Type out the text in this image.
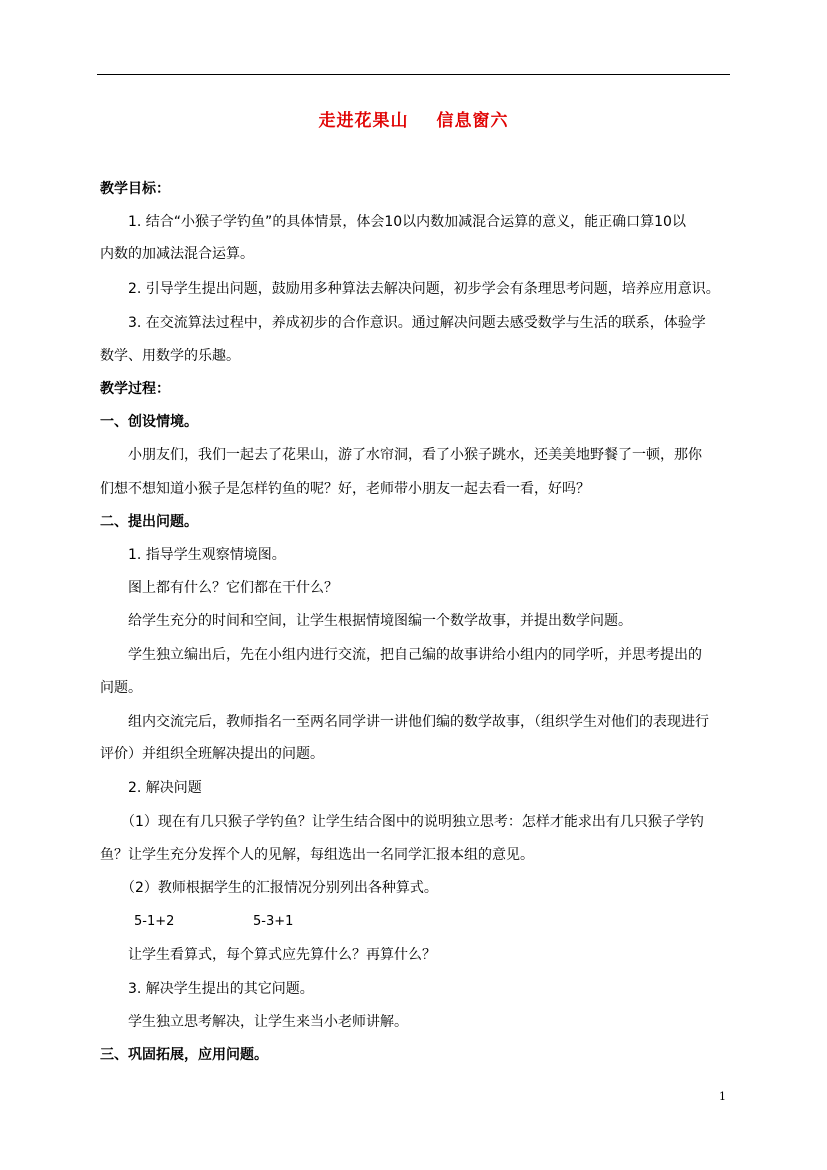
走进花果山 信息窗六
教学目标：
1. 结合“小猴子学钓鱼”的具体情景，体会10以内数加减混合运算的意义，能正确口算10以
内数的加减法混合运算。
2. 引导学生提出问题，鼓励用多种算法去解决问题，初步学会有条理思考问题，培养应用意识。
3. 在交流算法过程中，养成初步的合作意识。通过解决问题去感受数学与生活的联系，体验学
数学、用数学的乐趣。
教学过程：
一、创设情境。
小朋友们，我们一起去了花果山，游了水帘洞，看了小猴子跳水，还美美地野餐了一顿，那你
们想不想知道小猴子是怎样钓鱼的呢？好，老师带小朋友一起去看一看，好吗？
二、提出问题。
1. 指导学生观察情境图。
图上都有什么？它们都在干什么？
给学生充分的时间和空间，让学生根据情境图编一个数学故事，并提出数学问题。
学生独立编出后，先在小组内进行交流，把自己编的故事讲给小组内的同学听，并思考提出的
问题。
组内交流完后，教师指名一至两名同学讲一讲他们编的数学故事，（组织学生对他们的表现进行
评价）并组织全班解决提出的问题。
2. 解决问题
（1）现在有几只猴子学钓鱼？让学生结合图中的说明独立思考：怎样才能求出有几只猴子学钓
鱼？让学生充分发挥个人的见解，每组选出一名同学汇报本组的意见。
（2）教师根据学生的汇报情况分别列出各种算式。
5-1+2	5-3+1
让学生看算式，每个算式应先算什么？再算什么？
3. 解决学生提出的其它问题。
学生独立思考解决，让学生来当小老师讲解。
三、巩固拓展，应用问题。
1
